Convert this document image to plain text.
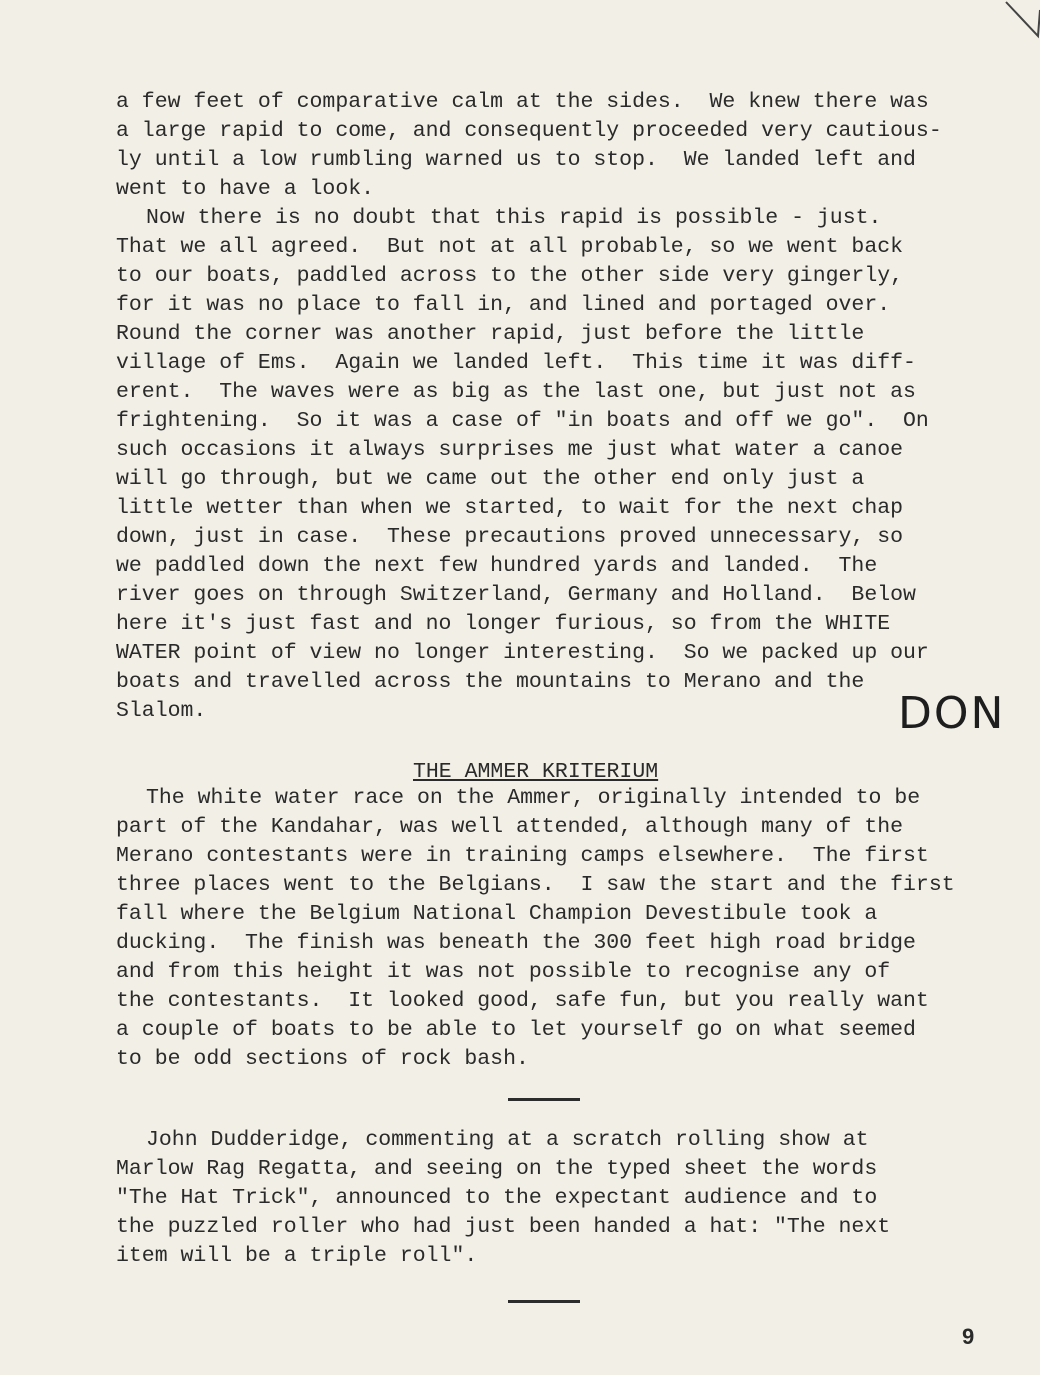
a few feet of comparative calm at the sides.  We knew there was
a large rapid to come, and consequently proceeded very cautious-
ly until a low rumbling warned us to stop.  We landed left and
went to have a look.
Now there is no doubt that this rapid is possible - just.
That we all agreed.  But not at all probable, so we went back
to our boats, paddled across to the other side very gingerly,
for it was no place to fall in, and lined and portaged over.
Round the corner was another rapid, just before the little
village of Ems.  Again we landed left.  This time it was diff-
erent.  The waves were as big as the last one, but just not as
frightening.  So it was a case of "in boats and off we go".  On
such occasions it always surprises me just what water a canoe
will go through, but we came out the other end only just a
little wetter than when we started, to wait for the next chap
down, just in case.  These precautions proved unnecessary, so
we paddled down the next few hundred yards and landed.  The
river goes on through Switzerland, Germany and Holland.  Below
here it's just fast and no longer furious, so from the WHITE
WATER point of view no longer interesting.  So we packed up our
boats and travelled across the mountains to Merano and the
Slalom.	DON
THE AMMER KRITERIUM
The white water race on the Ammer, originally intended to be
part of the Kandahar, was well attended, although many of the
Merano contestants were in training camps elsewhere.  The first
three places went to the Belgians.  I saw the start and the first
fall where the Belgium National Champion Devestibule took a
ducking.  The finish was beneath the 300 feet high road bridge
and from this height it was not possible to recognise any of
the contestants.  It looked good, safe fun, but you really want
a couple of boats to be able to let yourself go on what seemed
to be odd sections of rock bash.
John Dudderidge, commenting at a scratch rolling show at
Marlow Rag Regatta, and seeing on the typed sheet the words
"The Hat Trick", announced to the expectant audience and to
the puzzled roller who had just been handed a hat: "The next
item will be a triple roll".
9
